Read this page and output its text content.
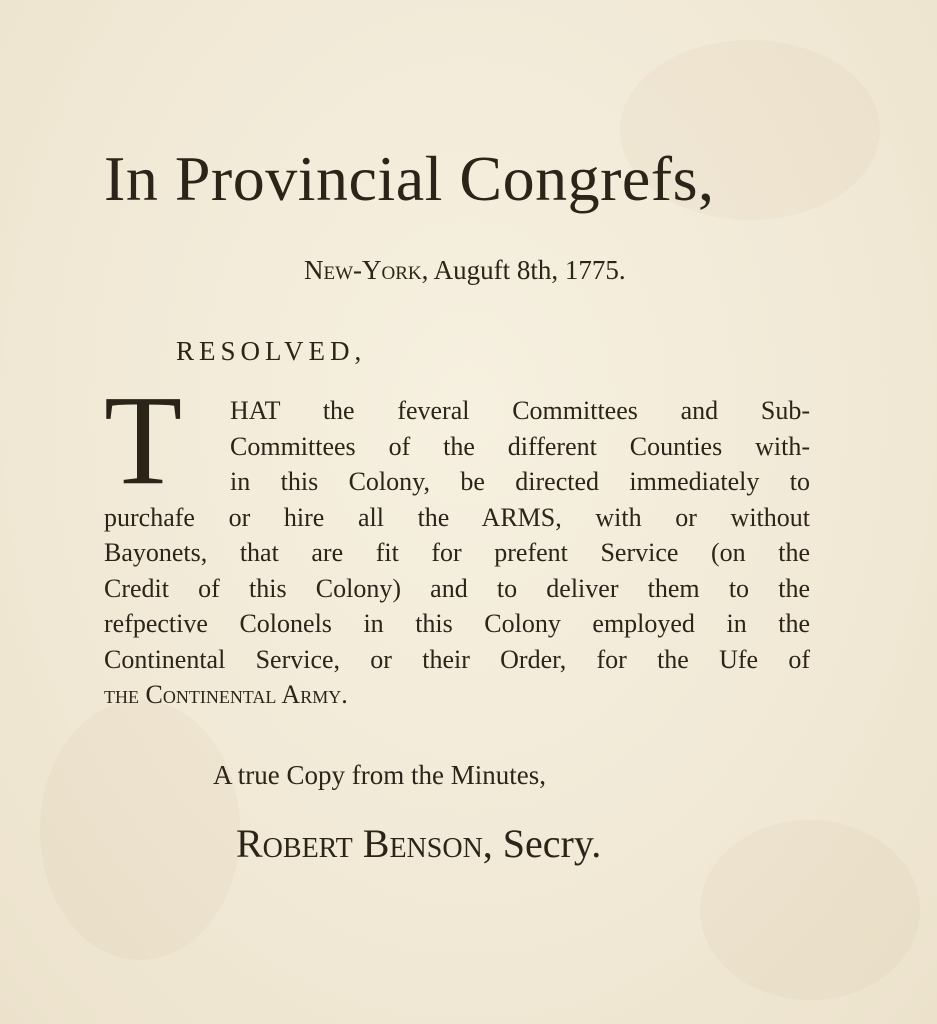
In Provincial Congrefs,
New-York, Auguft 8th, 1775.
RESOLVED,
T HAT the feveral Committees and Sub-
Committees of the different Counties with-
in this Colony, be directed immediately to
purchafe or hire all the ARMS, with or without
Bayonets, that are fit for prefent Service (on the
Credit of this Colony) and to deliver them to the
refpective Colonels in this Colony employed in the
Continental Service, or their Order, for the Ufe of
the Continental Army.
A true Copy from the Minutes,
Robert Benson, Secry.
